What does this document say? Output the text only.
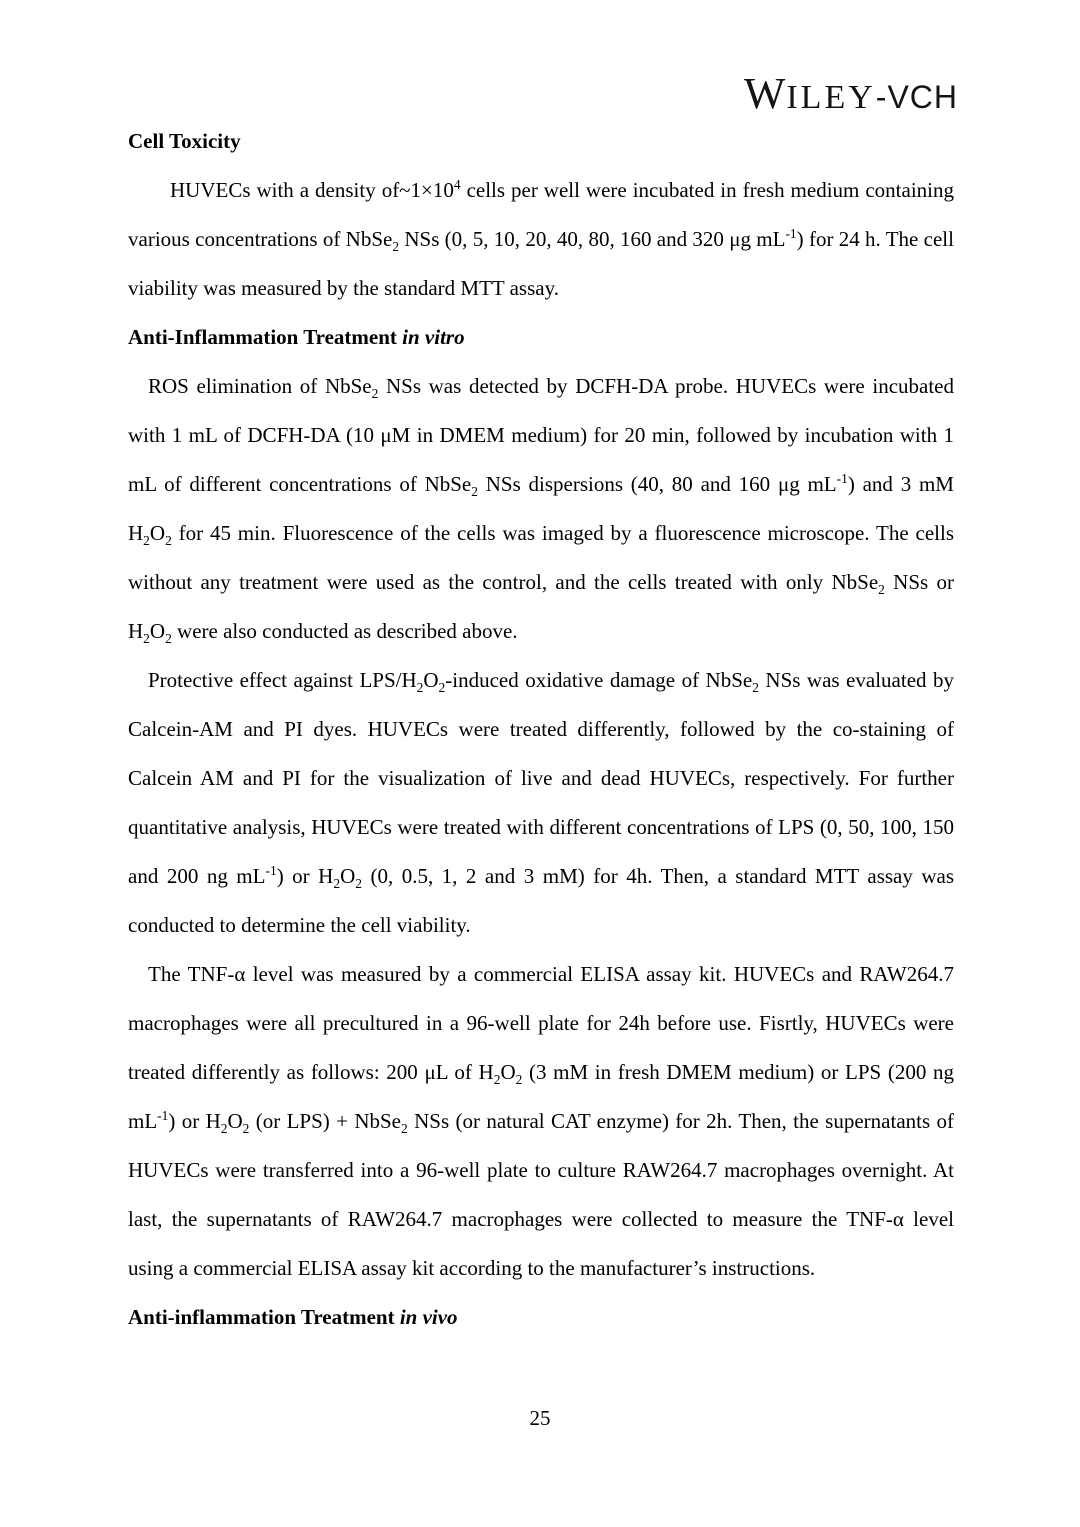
WILEY-VCH
Cell Toxicity

HUVECs with a density $of\sim 1\times 10^4$ cells per well were incubated in fresh medium containing various concentrations of NbSe$_2$ NSs (0, 5, 10, 20, 40, 80, 160 and 320 μg $mL^{-1}$) for 24 h. The cell viability was measured by the standard MTT assay.

Anti-Inflammation Treatment in vitro

ROS elimination of NbSe$_2$ NSs was detected by DCFH-DA probe. HUVECs were incubated with 1 mL of DCFH-DA (10 μM in DMEM medium) for 20 min, followed by incubation with 1 mL of different concentrations of NbSe$_2$ NSs dispersions (40, 80 and 160 μg $mL^{-1}$) and 3 mM $H_2O_2$ for 45 min. Fluorescence of the cells was imaged by a fluorescence microscope. The cells without any treatment were used as the control, and the cells treated with only NbSe$_2$ NSs or $H_2O_2$ were also conducted as described above.

Protective effect against LPS/$H_2O_2$-induced oxidative damage of NbSe$_2$ NSs was evaluated by Calcein-AM and PI dyes. HUVECs were treated differently, followed by the co-staining of Calcein AM and PI for the visualization of live and dead HUVECs, respectively. For further quantitative analysis, HUVECs were treated with different concentrations of LPS (0, 50, 100, 150 and 200 ng $mL^{-1}$) or $H_2O_2$ (0, 0.5, 1, 2 and 3 mM) for 4h. Then, a standard MTT assay was conducted to determine the cell viability.

The TNF-α level was measured by a commercial ELISA assay kit. HUVECs and RAW264.7 macrophages were all precultured in a 96-well plate for 24h before use. Fisrtly, HUVECs were treated differently as follows: 200 μL of $H_2O_2$ (3 mM in fresh DMEM medium) or LPS (200 ng $mL^{-1}$) or $H_2O_2$ (or LPS) + NbSe$_2$ NSs (or natural CAT enzyme) for 2h. Then, the supernatants of HUVECs were transferred into a 96-well plate to culture RAW264.7 macrophages overnight. At last, the supernatants of RAW264.7 macrophages were collected to measure the TNF-α level using a commercial ELISA assay kit according to the manufacturer’s instructions.

Anti-inflammation Treatment in vivo
25
